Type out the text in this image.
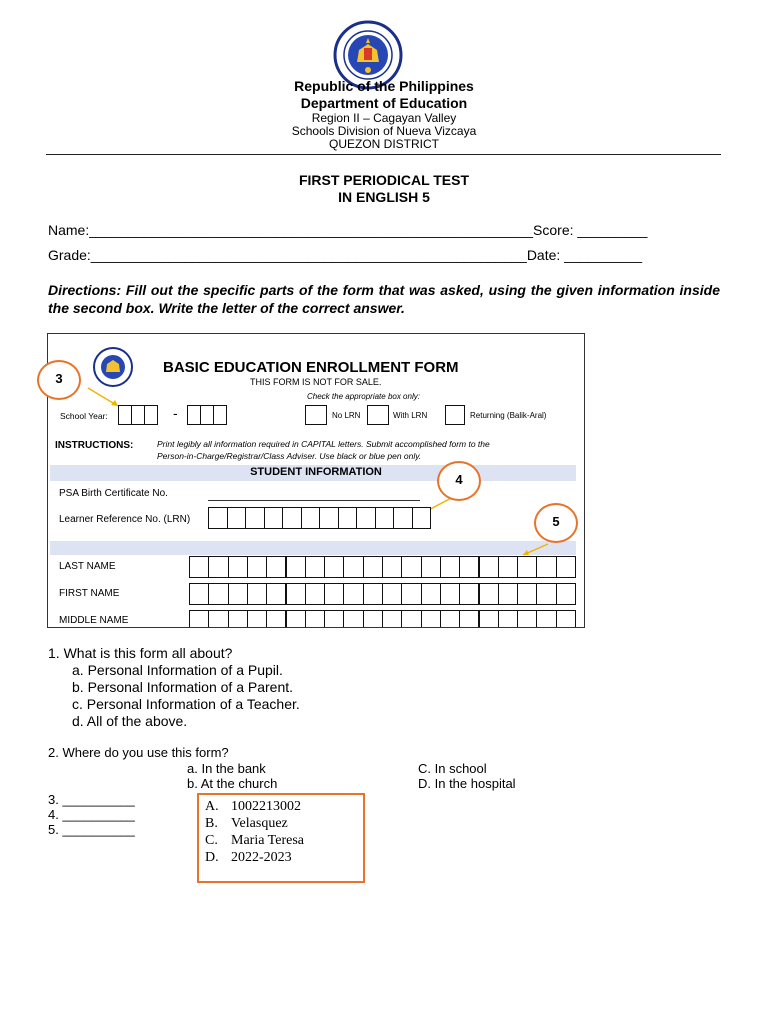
Republic of the Philippines
Department of Education
Region II – Cagayan Valley
Schools Division of Nueva Vizcaya
QUEZON DISTRICT
FIRST PERIODICAL TEST
IN ENGLISH 5
Name:_________________________________________________________Score: _________
Grade:________________________________________________________Date: __________
Directions: Fill out the specific parts of the form that was asked, using the given information inside the second box. Write the letter of the correct answer.
BASIC EDUCATION ENROLLMENT FORM
THIS FORM IS NOT FOR SALE.
Check the appropriate box only:
School Year:	-	No LRN	With LRN	Returning (Balik-Aral)
INSTRUCTIONS:	Print legibly all information required in CAPITAL letters. Submit accomplished form to the
Person-in-Charge/Registrar/Class Adviser. Use black or blue pen only.
STUDENT INFORMATION
PSA Birth Certificate No.
Learner Reference No. (LRN)
LAST NAME
FIRST NAME
MIDDLE NAME
3
4
5
1. What is this form all about?
a. Personal Information of a Pupil.
b. Personal Information of a Parent.
c. Personal Information of a Teacher.
d. All of the above.
2. Where do you use this form?
a. In the bank
b. At the church
C. In school
D. In the hospital
3. __________
4. __________
5. __________
A. 1002213002
B. Velasquez
C. Maria Teresa
D. 2022-2023
